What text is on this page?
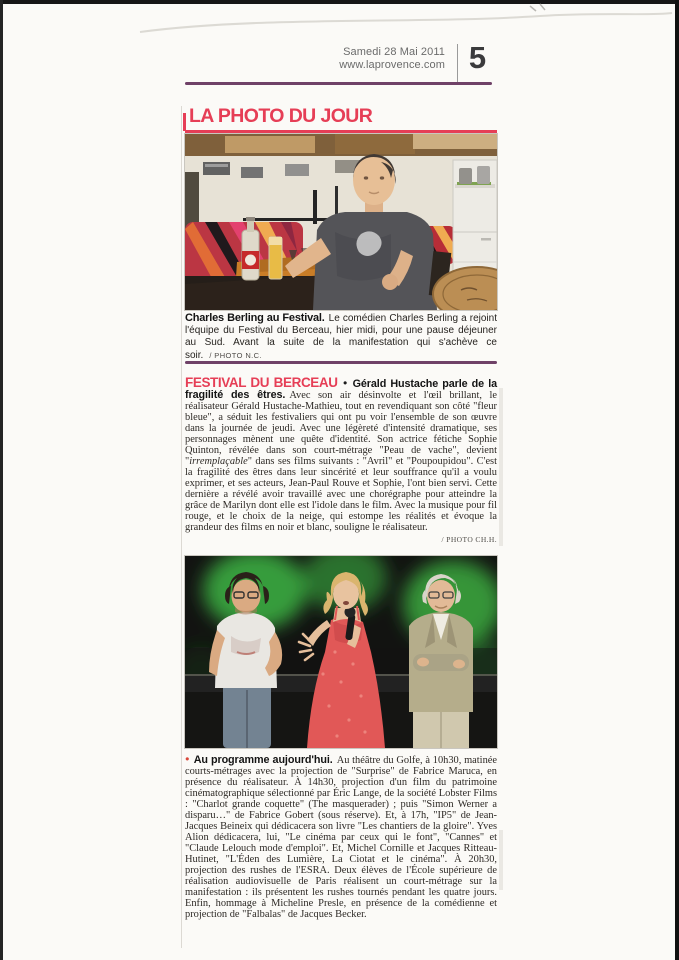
Samedi 28 Mai 2011
www.laprovence.com 5
LA PHOTO DU JOUR

Charles Berling au Festival. Le comédien Charles Berling a rejoint l'équipe du Festival du Berceau, hier midi, pour une pause déjeuner au Sud. Avant la suite de la manifestation qui s'achève ce soir. / PHOTO N.C.

FESTIVAL DU BERCEAU ● Gérald Hustache parle de la fragilité des êtres. Avec son air désinvolte et l'œil brillant, le réalisateur Gérald Hustache-Mathieu, tout en revendiquant son côté "fleur bleue", a séduit les festivaliers qui ont pu voir l'ensemble de son œuvre dans la journée de jeudi. Avec une légèreté d'intensité dramatique, ses personnages mènent une quête d'identité. Son actrice fétiche Sophie Quinton, révélée dans son court-métrage "Peau de vache", devient "irremplaçable" dans ses films suivants : "Avril" et "Poupoupidou". C'est la fragilité des êtres dans leur sincérité et leur souffrance qu'il a voulu exprimer, et ses acteurs, Jean-Paul Rouve et Sophie, l'ont bien servi. Cette dernière a révélé avoir travaillé avec une chorégraphe pour atteindre la grâce de Marilyn dont elle est l'idole dans le film. Avec la musique pour fil rouge, et le choix de la neige, qui estompe les réalités et évoque la grandeur des films en noir et blanc, souligne le réalisateur.
/ PHOTO CH.H.

● Au programme aujourd'hui. Au théâtre du Golfe, à 10h30, matinée courts-métrages avec la projection de "Surprise" de Fabrice Maruca, en présence du réalisateur. À 14h30, projection d'un film du patrimoine cinématographique sélectionné par Éric Lange, de la société Lobster Films : "Charlot grande coquette" (The masquerader) ; puis "Simon Werner a disparu…" de Fabrice Gobert (sous réserve). Et, à 17h, "IP5" de Jean-Jacques Beineix qui dédicacera son livre "Les chantiers de la gloire". Yves Alion dédicacera, lui, "Le cinéma par ceux qui le font", "Cannes" et "Claude Lelouch mode d'emploi". Et, Michel Cornille et Jacques Ritteau-Hutinet, "L'Éden des Lumière, La Ciotat et le cinéma". À 20h30, projection des rushes de l'ESRA. Deux élèves de l'École supérieure de réalisation audiovisuelle de Paris réalisent un court-métrage sur la manifestation : ils présentent les rushes tournés pendant les quatre jours. Enfin, hommage à Micheline Presle, en présence de la comédienne et projection de "Falbalas" de Jacques Becker.
